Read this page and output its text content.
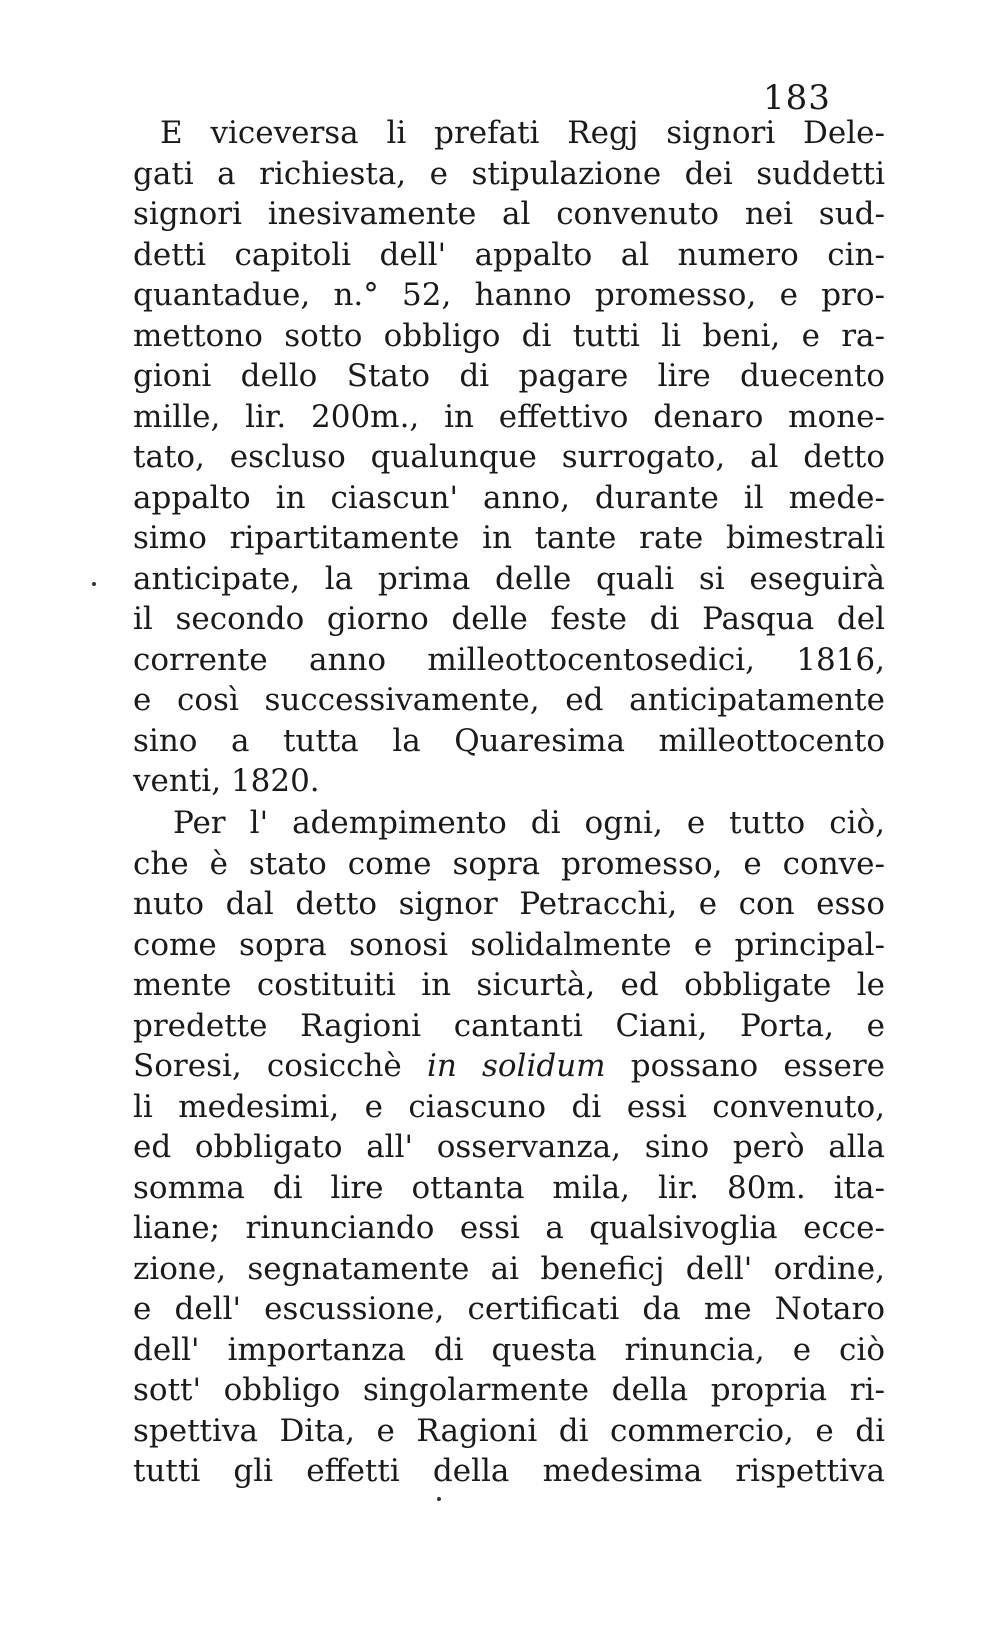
183
E viceversa li prefati Regj signori Dele-
gati a richiesta, e stipulazione dei suddetti
signori inesivamente al convenuto nei sud-
detti capitoli dell' appalto al numero cin-
quantadue, n.° 52, hanno promesso, e pro-
mettono sotto obbligo di tutti li beni, e ra-
gioni dello Stato di pagare lire duecento
mille, lir. 200m., in effettivo denaro mone-
tato, escluso qualunque surrogato, al detto
appalto in ciascun' anno, durante il mede-
simo ripartitamente in tante rate bimestrali
anticipate, la prima delle quali si eseguirà
il secondo giorno delle feste di Pasqua del
corrente anno milleottocentosedici, 1816,
e così successivamente, ed anticipatamente
sino a tutta la Quaresima milleottocento
venti, 1820.
Per l' adempimento di ogni, e tutto ciò,
che è stato come sopra promesso, e conve-
nuto dal detto signor Petracchi, e con esso
come sopra sonosi solidalmente e principal-
mente costituiti in sicurtà, ed obbligate le
predette Ragioni cantanti Ciani, Porta, e
Soresi, cosicchè in solidum possano essere
li medesimi, e ciascuno di essi convenuto,
ed obbligato all' osservanza, sino però alla
somma di lire ottanta mila, lir. 80m. ita-
liane; rinunciando essi a qualsivoglia ecce-
zione, segnatamente ai beneficj dell' ordine,
e dell' escussione, certificati da me Notaro
dell' importanza di questa rinuncia, e ciò
sott' obbligo singolarmente della propria ri-
spettiva Dita, e Ragioni di commercio, e di
tutti gli effetti della medesima rispettiva
